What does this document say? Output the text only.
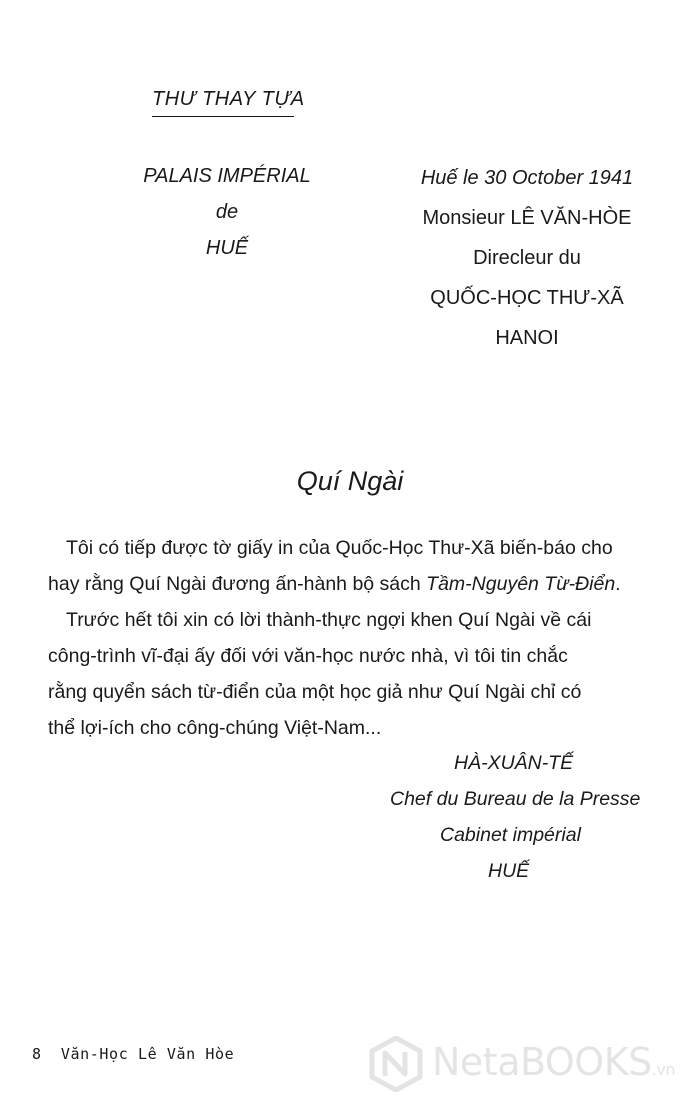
THƯ THAY TỰA
PALAIS IMPÉRIAL
de
HUẾ
Huế le 30 October 1941
Monsieur LÊ VĂN-HÒE
Direcleur du
QUỐC-HỌC THƯ-XÃ
HANOI
Quí Ngài
Tôi có tiếp được tờ giấy in của Quốc-Học Thư-Xã biến-báo cho
hay rằng Quí Ngài đương ấn-hành bộ sách Tầm-Nguyên Từ-Điển.
Trước hết tôi xin có lời thành-thực ngợi khen Quí Ngài về cái
công-trình vĩ-đại ấy đối với văn-học nước nhà, vì tôi tin chắc
rằng quyển sách từ-điển của một học giả như Quí Ngài chỉ có
thể lợi-ích cho công-chúng Việt-Nam...
HÀ-XUÂN-TẾ
Chef du Bureau de la Presse
Cabinet impérial
HUẾ
8 Văn-Học Lê Văn Hòe	NetaBOOKS.vn
